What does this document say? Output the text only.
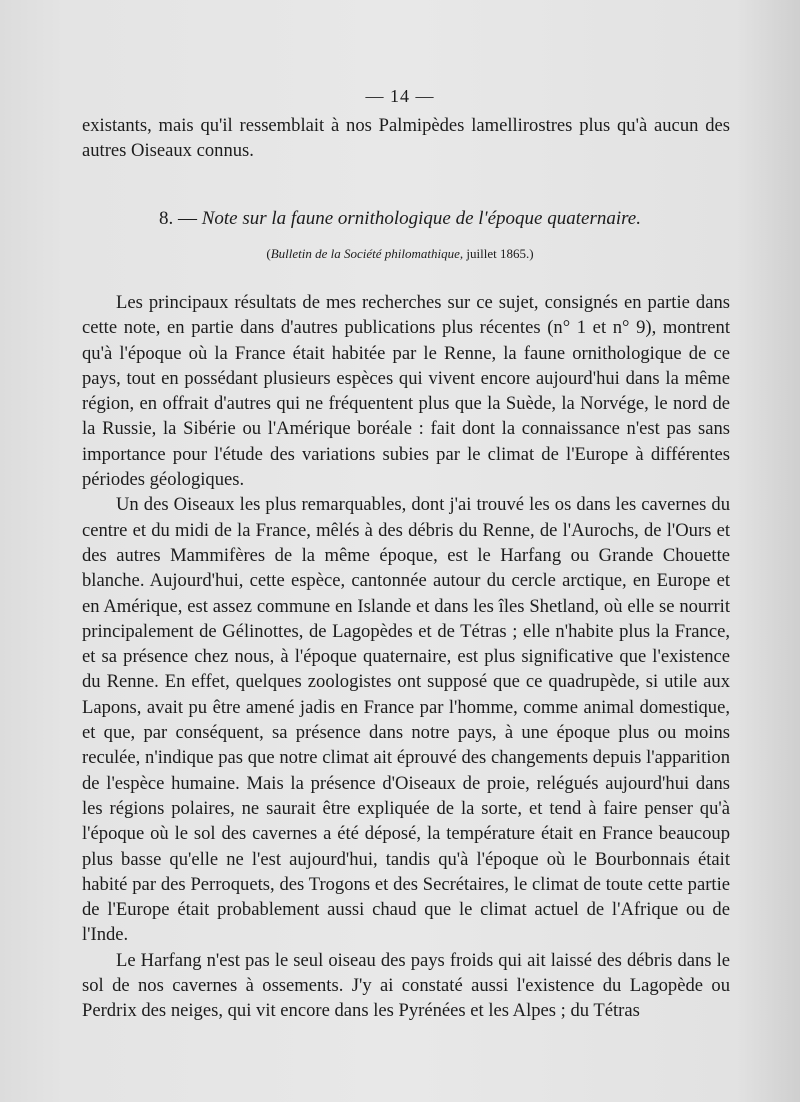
— 14 —

existants, mais qu'il ressemblait à nos Palmipèdes lamellirostres plus qu'à aucun des autres Oiseaux connus.

8. — Note sur la faune ornithologique de l'époque quaternaire.
(Bulletin de la Société philomathique, juillet 1865.)

Les principaux résultats de mes recherches sur ce sujet, consignés en partie dans cette note, en partie dans d'autres publications plus récentes (n° 1 et n° 9), montrent qu'à l'époque où la France était habitée par le Renne, la faune ornithologique de ce pays, tout en possédant plusieurs espèces qui vivent encore aujourd'hui dans la même région, en offrait d'autres qui ne fréquentent plus que la Suède, la Norvége, le nord de la Russie, la Sibérie ou l'Amérique boréale : fait dont la connaissance n'est pas sans importance pour l'étude des variations subies par le climat de l'Europe à différentes périodes géologiques.

Un des Oiseaux les plus remarquables, dont j'ai trouvé les os dans les cavernes du centre et du midi de la France, mêlés à des débris du Renne, de l'Aurochs, de l'Ours et des autres Mammifères de la même époque, est le Harfang ou Grande Chouette blanche. Aujourd'hui, cette espèce, cantonnée autour du cercle arctique, en Europe et en Amérique, est assez commune en Islande et dans les îles Shetland, où elle se nourrit principalement de Gélinottes, de Lagopèdes et de Tétras ; elle n'habite plus la France, et sa présence chez nous, à l'époque quaternaire, est plus significative que l'existence du Renne. En effet, quelques zoologistes ont supposé que ce quadrupède, si utile aux Lapons, avait pu être amené jadis en France par l'homme, comme animal domestique, et que, par conséquent, sa présence dans notre pays, à une époque plus ou moins reculée, n'indique pas que notre climat ait éprouvé des changements depuis l'apparition de l'espèce humaine. Mais la présence d'Oiseaux de proie, relégués aujourd'hui dans les régions polaires, ne saurait être expliquée de la sorte, et tend à faire penser qu'à l'époque où le sol des cavernes a été déposé, la température était en France beaucoup plus basse qu'elle ne l'est aujourd'hui, tandis qu'à l'époque où le Bourbonnais était habité par des Perroquets, des Trogons et des Secrétaires, le climat de toute cette partie de l'Europe était probablement aussi chaud que le climat actuel de l'Afrique ou de l'Inde.

Le Harfang n'est pas le seul oiseau des pays froids qui ait laissé des débris dans le sol de nos cavernes à ossements. J'y ai constaté aussi l'existence du Lagopède ou Perdrix des neiges, qui vit encore dans les Pyrénées et les Alpes ; du Tétras
